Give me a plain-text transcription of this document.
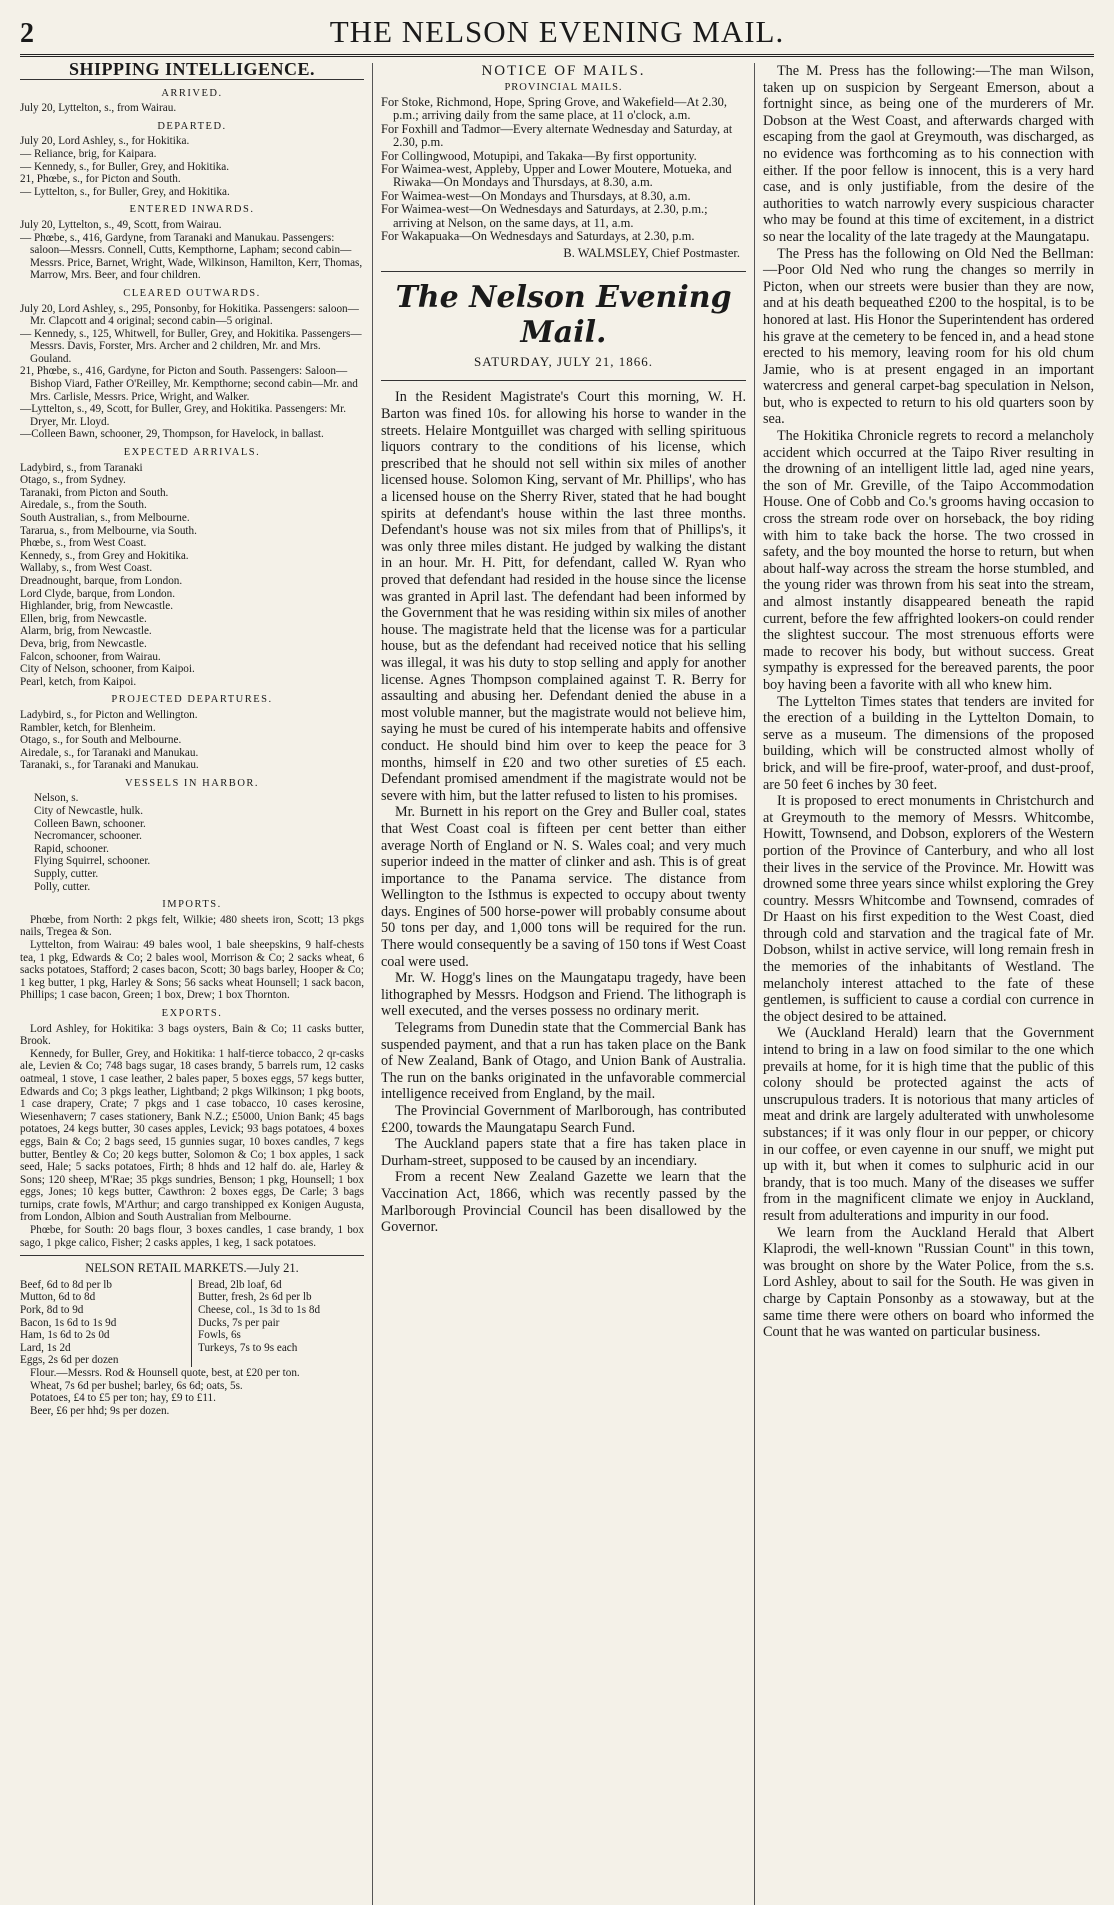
2	THE NELSON EVENING MAIL.
SHIPPING INTELLIGENCE.
ARRIVED.
July 20, Lyttelton, s., from Wairau.
DEPARTED.
July 20, Lord Ashley, s., for Hokitika.
— Reliance, brig, for Kaipara.
— Kennedy, s., for Buller, Grey, and Hokitika.
21, Phœbe, s., for Picton and South.
— Lyttelton, s., for Buller, Grey, and Hokitika.
ENTERED INWARDS.
July 20, Lyttelton, s., 49, Scott, from Wairau.
— Phœbe, s., 416, Gardyne, from Taranaki and Manukau. Passengers: saloon—Messrs. Connell, Cutts, Kempthorne, Lapham; second cabin—Messrs. Price, Barnet, Wright, Wade, Wilkinson, Hamilton, Kerr, Thomas, Marrow, Mrs. Beer, and four children.
CLEARED OUTWARDS.
July 20, Lord Ashley, s., 295, Ponsonby, for Hokitika. Passengers: saloon—Mr. Clapcott and 4 original; second cabin—5 original.
— Kennedy, s., 125, Whitwell, for Buller, Grey, and Hokitika. Passengers—Messrs. Davis, Forster, Mrs. Archer and 2 children, Mr. and Mrs. Gouland.
21, Phœbe, s., 416, Gardyne, for Picton and South. Passengers: Saloon—Bishop Viard, Father O'Reilley, Mr. Kempthorne; second cabin—Mr. and Mrs. Carlisle, Messrs. Price, Wright, and Walker.
—Lyttelton, s., 49, Scott, for Buller, Grey, and Hokitika. Passengers: Mr. Dryer, Mr. Lloyd.
—Colleen Bawn, schooner, 29, Thompson, for Havelock, in ballast.
EXPECTED ARRIVALS.
Ladybird, s., from Taranaki
Otago, s., from Sydney.
Taranaki, from Picton and South.
Airedale, s., from the South.
South Australian, s., from Melbourne.
Tararua, s., from Melbourne, via South.
Phœbe, s., from West Coast.
Kennedy, s., from Grey and Hokitika.
Wallaby, s., from West Coast.
Dreadnought, barque, from London.
Lord Clyde, barque, from London.
Highlander, brig, from Newcastle.
Ellen, brig, from Newcastle.
Alarm, brig, from Newcastle.
Deva, brig, from Newcastle.
Falcon, schooner, from Wairau.
City of Nelson, schooner, from Kaipoi.
Pearl, ketch, from Kaipoi.
PROJECTED DEPARTURES.
Ladybird, s., for Picton and Wellington.
Rambler, ketch, for Blenheim.
Otago, s., for South and Melbourne.
Airedale, s., for Taranaki and Manukau.
Taranaki, s., for Taranaki and Manukau.
VESSELS IN HARBOR.
Nelson, s.
City of Newcastle, hulk.
Colleen Bawn, schooner.
Necromancer, schooner.
Rapid, schooner.
Flying Squirrel, schooner.
Supply, cutter.
Polly, cutter.
IMPORTS.
Phœbe, from North: 2 pkgs felt, Wilkie; 480 sheets iron, Scott; 13 pkgs nails, Tregea & Son.
Lyttelton, from Wairau: 49 bales wool, 1 bale sheepskins, 9 half-chests tea, 1 pkg, Edwards & Co; 2 bales wool, Morrison & Co; 2 sacks wheat, 6 sacks potatoes, Stafford; 2 cases bacon, Scott; 30 bags barley, Hooper & Co; 1 keg butter, 1 pkg, Harley & Sons; 56 sacks wheat Hounsell; 1 sack bacon, Phillips; 1 case bacon, Green; 1 box, Drew; 1 box Thornton.
EXPORTS.
Lord Ashley, for Hokitika: 3 bags oysters, Bain & Co; 11 casks butter, Brook.
Kennedy, for Buller, Grey, and Hokitika: 1 half-tierce tobacco, 2 qr-casks ale, Levien & Co; 748 bags sugar, 18 cases brandy, 5 barrels rum, 12 casks oatmeal, 1 stove, 1 case leather, 2 bales paper, 5 boxes eggs, 57 kegs butter, Edwards and Co; 3 pkgs leather, Lightband; 2 pkgs Wilkinson; 1 pkg boots, 1 case drapery, Crate; 7 pkgs and 1 case tobacco, 10 cases kerosine, Wiesenhavern; 7 cases stationery, Bank N.Z.; £5000, Union Bank; 45 bags potatoes, 24 kegs butter, 30 cases apples, Levick; 93 bags potatoes, 4 boxes eggs, Bain & Co; 2 bags seed, 15 gunnies sugar, 10 boxes candles, 7 kegs butter, Bentley & Co; 20 kegs butter, Solomon & Co; 1 box apples, 1 sack seed, Hale; 5 sacks potatoes, Firth; 8 hhds and 12 half do. ale, Harley & Sons; 120 sheep, M'Rae; 35 pkgs sundries, Benson; 1 pkg, Hounsell; 1 box eggs, Jones; 10 kegs butter, Cawthron: 2 boxes eggs, De Carle; 3 bags turnips, crate fowls, M'Arthur; and cargo transhipped ex Konigen Augusta, from London, Albion and South Australian from Melbourne.
Phœbe, for South: 20 bags flour, 3 boxes candles, 1 case brandy, 1 box sago, 1 pkge calico, Fisher; 2 casks apples, 1 keg, 1 sack potatoes.
NELSON RETAIL MARKETS.—July 21.
Beef, 6d to 8d per lb
Mutton, 6d to 8d
Pork, 8d to 9d
Bacon, 1s 6d to 1s 9d
Ham, 1s 6d to 2s 0d
Lard, 1s 2d
Eggs, 2s 6d per dozen
Bread, 2lb loaf, 6d
Butter, fresh, 2s 6d per lb
Cheese, col., 1s 3d to 1s 8d
Ducks, 7s per pair
Fowls, 6s
Turkeys, 7s to 9s each
Flour.—Messrs. Rod & Hounsell quote, best, at £20 per ton.
Wheat, 7s 6d per bushel; barley, 6s 6d; oats, 5s.
Potatoes, £4 to £5 per ton; hay, £9 to £11.
Beer, £6 per hhd; 9s per dozen.
NOTICE OF MAILS.
PROVINCIAL MAILS.
For Stoke, Richmond, Hope, Spring Grove, and Wakefield—At 2.30, p.m.; arriving daily from the same place, at 11 o'clock, a.m.
For Foxhill and Tadmor—Every alternate Wednesday and Saturday, at 2.30, p.m.
For Collingwood, Motupipi, and Takaka—By first opportunity.
For Waimea-west, Appleby, Upper and Lower Moutere, Motueka, and Riwaka—On Mondays and Thursdays, at 8.30, a.m.
For Waimea-west—On Mondays and Thursdays, at 8.30, a.m.
For Waimea-west—On Wednesdays and Saturdays, at 2.30, p.m.; arriving at Nelson, on the same days, at 11, a.m.
For Wakapuaka—On Wednesdays and Saturdays, at 2.30, p.m.
B. WALMSLEY, Chief Postmaster.
The Nelson Evening Mail.
SATURDAY, JULY 21, 1866.

In the Resident Magistrate's Court this morning, W. H. Barton was fined 10s. for allowing his horse to wander in the streets. Helaire Montguillet was charged with selling spirituous liquors contrary to the conditions of his license, which prescribed that he should not sell within six miles of another licensed house. Solomon King, servant of Mr. Phillips', who has a licensed house on the Sherry River, stated that he had bought spirits at defendant's house within the last three months. Defendant's house was not six miles from that of Phillips's, it was only three miles distant. He judged by walking the distant in an hour. Mr. H. Pitt, for defendant, called W. Ryan who proved that defendant had resided in the house since the license was granted in April last. The defendant had been informed by the Government that he was residing within six miles of another house. The magistrate held that the license was for a particular house, but as the defendant had received notice that his selling was illegal, it was his duty to stop selling and apply for another license. Agnes Thompson complained against T. R. Berry for assaulting and abusing her. Defendant denied the abuse in a most voluble manner, but the magistrate would not believe him, saying he must be cured of his intemperate habits and offensive conduct. He should bind him over to keep the peace for 3 months, himself in £20 and two other sureties of £5 each. Defendant promised amendment if the magistrate would not be severe with him, but the latter refused to listen to his promises.

Mr. Burnett in his report on the Grey and Buller coal, states that West Coast coal is fifteen per cent better than either average North of England or N. S. Wales coal; and very much superior indeed in the matter of clinker and ash. This is of great importance to the Panama service. The distance from Wellington to the Isthmus is expected to occupy about twenty days. Engines of 500 horse-power will probably consume about 50 tons per day, and 1,000 tons will be required for the run. There would consequently be a saving of 150 tons if West Coast coal were used.

Mr. W. Hogg's lines on the Maungatapu tragedy, have been lithographed by Messrs. Hodgson and Friend. The lithograph is well executed, and the verses possess no ordinary merit.

Telegrams from Dunedin state that the Commercial Bank has suspended payment, and that a run has taken place on the Bank of New Zealand, Bank of Otago, and Union Bank of Australia. The run on the banks originated in the unfavorable commercial intelligence received from England, by the mail.

The Provincial Government of Marlborough, has contributed £200, towards the Maungatapu Search Fund.

The Auckland papers state that a fire has taken place in Durham-street, supposed to be caused by an incendiary.

From a recent New Zealand Gazette we learn that the Vaccination Act, 1866, which was recently passed by the Marlborough Provincial Council has been disallowed by the Governor.

The M. Press has the following:—The man Wilson, taken up on suspicion by Sergeant Emerson, about a fortnight since, as being one of the murderers of Mr. Dobson at the West Coast, and afterwards charged with escaping from the gaol at Greymouth, was discharged, as no evidence was forthcoming as to his connection with either. If the poor fellow is innocent, this is a very hard case, and is only justifiable, from the desire of the authorities to watch narrowly every suspicious character who may be found at this time of excitement, in a district so near the locality of the late tragedy at the Maungatapu.

The Press has the following on Old Ned the Bellman:—Poor Old Ned who rung the changes so merrily in Picton, when our streets were busier than they are now, and at his death bequeathed £200 to the hospital, is to be honored at last. His Honor the Superintendent has ordered his grave at the cemetery to be fenced in, and a head stone erected to his memory, leaving room for his old chum Jamie, who is at present engaged in an important watercress and general carpet-bag speculation in Nelson, but, who is expected to return to his old quarters soon by sea.

The Hokitika Chronicle regrets to record a melancholy accident which occurred at the Taipo River resulting in the drowning of an intelligent little lad, aged nine years, the son of Mr. Greville, of the Taipo Accommodation House. One of Cobb and Co.'s grooms having occasion to cross the stream rode over on horseback, the boy riding with him to take back the horse. The two crossed in safety, and the boy mounted the horse to return, but when about half-way across the stream the horse stumbled, and the young rider was thrown from his seat into the stream, and almost instantly disappeared beneath the rapid current, before the few affrighted lookers-on could render the slightest succour. The most strenuous efforts were made to recover his body, but without success. Great sympathy is expressed for the bereaved parents, the poor boy having been a favorite with all who knew him.

The Lyttelton Times states that tenders are invited for the erection of a building in the Lyttelton Domain, to serve as a museum. The dimensions of the proposed building, which will be constructed almost wholly of brick, and will be fire-proof, water-proof, and dust-proof, are 50 feet 6 inches by 30 feet.

It is proposed to erect monuments in Christchurch and at Greymouth to the memory of Messrs. Whitcombe, Howitt, Townsend, and Dobson, explorers of the Western portion of the Province of Canterbury, and who all lost their lives in the service of the Province. Mr. Howitt was drowned some three years since whilst exploring the Grey country. Messrs Whitcombe and Townsend, comrades of Dr Haast on his first expedition to the West Coast, died through cold and starvation and the tragical fate of Mr. Dobson, whilst in active service, will long remain fresh in the memories of the inhabitants of Westland. The melancholy interest attached to the fate of these gentlemen, is sufficient to cause a cordial con currence in the object desired to be attained.

We (Auckland Herald) learn that the Government intend to bring in a law on food similar to the one which prevails at home, for it is high time that the public of this colony should be protected against the acts of unscrupulous traders. It is notorious that many articles of meat and drink are largely adulterated with unwholesome substances; if it was only flour in our pepper, or chicory in our coffee, or even cayenne in our snuff, we might put up with it, but when it comes to sulphuric acid in our brandy, that is too much. Many of the diseases we suffer from in the magnificent climate we enjoy in Auckland, result from adulterations and impurity in our food.

We learn from the Auckland Herald that Albert Klaprodi, the well-known "Russian Count" in this town, was brought on shore by the Water Police, from the s.s. Lord Ashley, about to sail for the South. He was given in charge by Captain Ponsonby as a stowaway, but at the same time there were others on board who informed the Count that he was wanted on particular business.
